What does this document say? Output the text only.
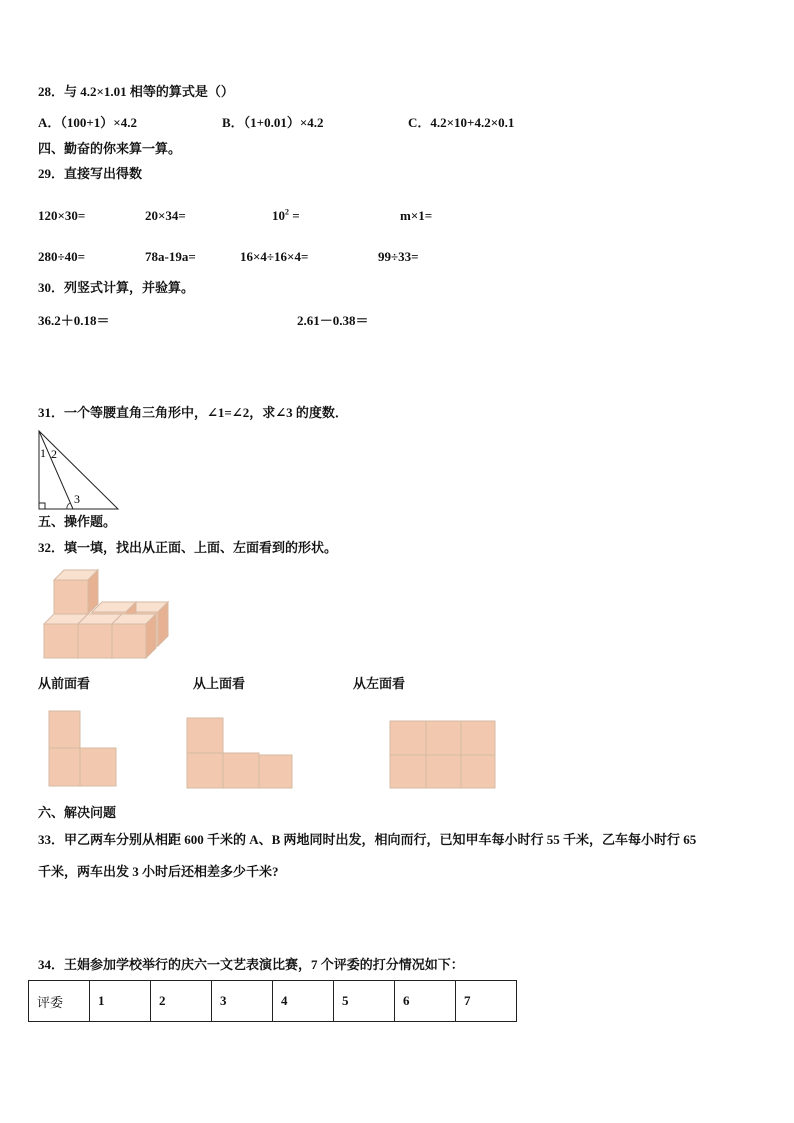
28．与 4.2×1.01 相等的算式是（）
A．（100+1）×4.2	B．（1+0.01）×4.2	C．4.2×10+4.2×0.1
四、勤奋的你来算一算。
29．直接写出得数
120×30=	20×34=	$10^2$ =	m×1=
280÷40=	78a-19a=	16×4÷16×4=	99÷33=
30．列竖式计算，并验算。
36.2＋0.18＝	2.61－0.38＝
31．一个等腰直角三角形中，∠1=∠2，求∠3 的度数．
1 2
3
五、操作题。
32．填一填，找出从正面、上面、左面看到的形状。
从前面看	从上面看	从左面看
六、解决问题
33．甲乙两车分别从相距 600 千米的 A、B 两地同时出发，相向而行，已知甲车每小时行 55 千米，乙车每小时行 65
千米，两车出发 3 小时后还相差多少千米?
34．王娟参加学校举行的庆六一文艺表演比赛，7 个评委的打分情况如下：
评委	1	2	3	4	5	6	7
